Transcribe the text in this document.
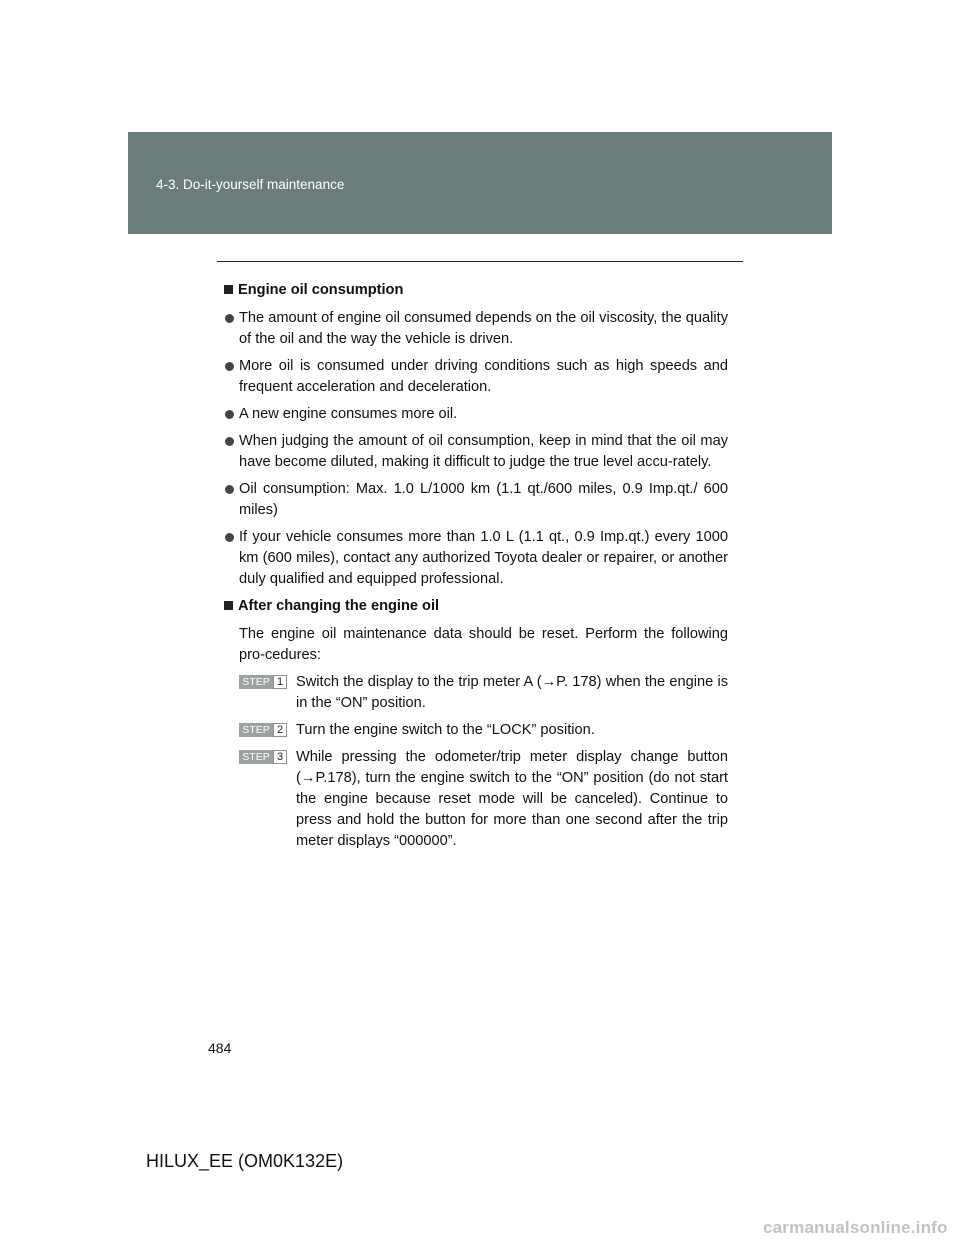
4-3. Do-it-yourself maintenance
Engine oil consumption
The amount of engine oil consumed depends on the oil viscosity, the quality of the oil and the way the vehicle is driven.
More oil is consumed under driving conditions such as high speeds and frequent acceleration and deceleration.
A new engine consumes more oil.
When judging the amount of oil consumption, keep in mind that the oil may have become diluted, making it difficult to judge the true level accu-rately.
Oil consumption: Max. 1.0 L/1000 km (1.1 qt./600 miles, 0.9 Imp.qt./ 600 miles)
If your vehicle consumes more than 1.0 L (1.1 qt., 0.9 Imp.qt.) every 1000 km (600 miles), contact any authorized Toyota dealer or repairer, or another duly qualified and equipped professional.
After changing the engine oil
The engine oil maintenance data should be reset. Perform the following pro-cedures:
STEP 1 Switch the display to the trip meter A (→P. 178) when the engine is in the “ON” position.
STEP 2 Turn the engine switch to the “LOCK” position.
STEP 3 While pressing the odometer/trip meter display change button (→P.178), turn the engine switch to the “ON” position (do not start the engine because reset mode will be canceled). Continue to press and hold the button for more than one second after the trip meter displays “000000”.
484
HILUX_EE (OM0K132E)
carmanualsonline.info
